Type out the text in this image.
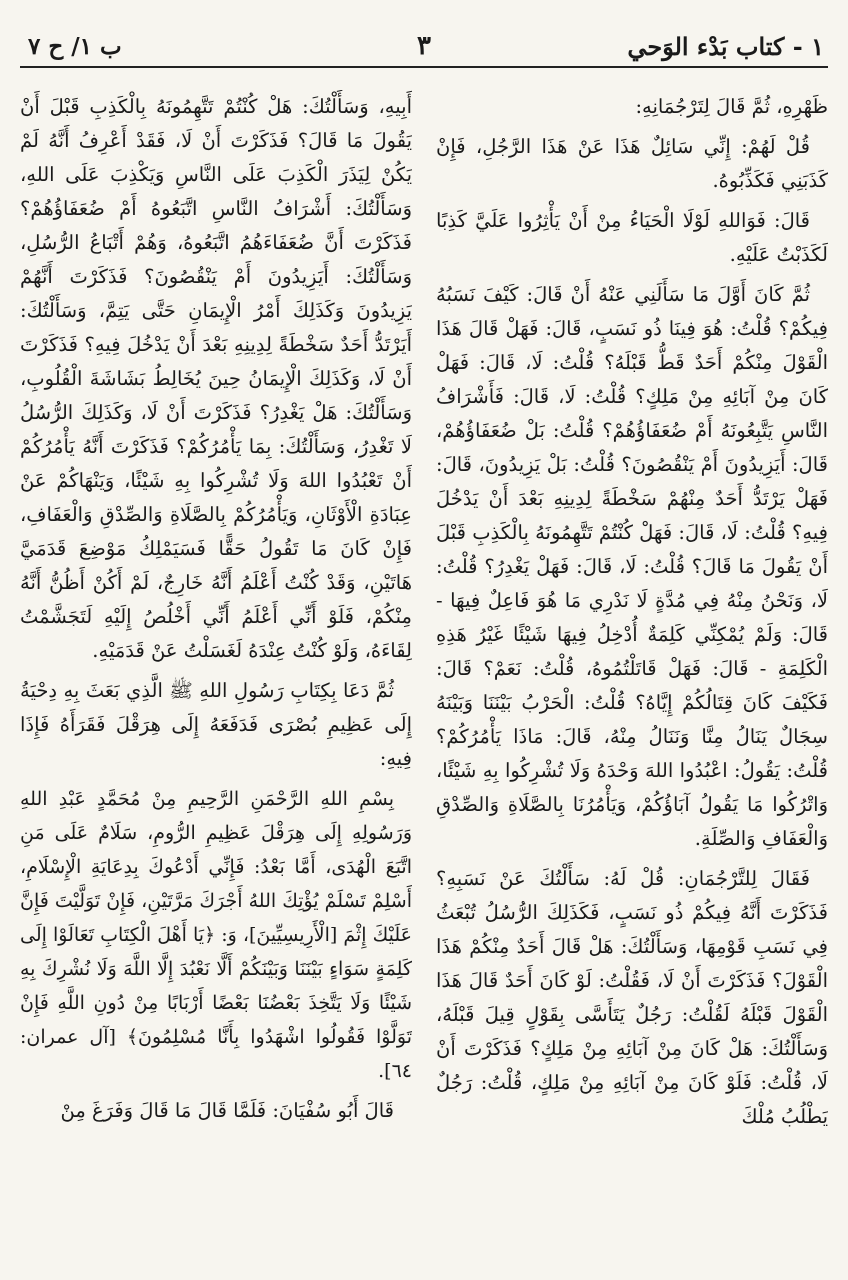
ب ١/ ح ٧	٣	١ - كتاب بَدْء الوَحي

ظَهْرِهِ، ثُمَّ قَالَ لِتَرْجُمَانِهِ:

قُلْ لَهُمْ: إِنِّي سَائِلٌ هَذَا عَنْ هَذَا الرَّجُلِ، فَإِنْ كَذَبَنِي فَكَذِّبُوهُ.

قَالَ: فَوَاللهِ لَوْلَا الْحَيَاءُ مِنْ أَنْ يَأْثِرُوا عَلَيَّ كَذِبًا لَكَذَبْتُ عَلَيْهِ.

ثُمَّ كَانَ أَوَّلَ مَا سَأَلَنِي عَنْهُ أَنْ قَالَ: كَيْفَ نَسَبُهُ فِيكُمْ؟ قُلْتُ: هُوَ فِينَا ذُو نَسَبٍ، قَالَ: فَهَلْ قَالَ هَذَا الْقَوْلَ مِنْكُمْ أَحَدٌ قَطُّ قَبْلَهُ؟ قُلْتُ: لَا، قَالَ: فَهَلْ كَانَ مِنْ آبَائِهِ مِنْ مَلِكٍ؟ قُلْتُ: لَا، قَالَ: فَأَشْرَافُ النَّاسِ يَتَّبِعُونَهُ أَمْ ضُعَفَاؤُهُمْ؟ قُلْتُ: بَلْ ضُعَفَاؤُهُمْ، قَالَ: أَيَزِيدُونَ أَمْ يَنْقُصُونَ؟ قُلْتُ: بَلْ يَزِيدُونَ، قَالَ: فَهَلْ يَرْتَدُّ أَحَدٌ مِنْهُمْ سَخْطَةً لِدِينِهِ بَعْدَ أَنْ يَدْخُلَ فِيهِ؟ قُلْتُ: لَا، قَالَ: فَهَلْ كُنْتُمْ تَتَّهِمُونَهُ بِالْكَذِبِ قَبْلَ أَنْ يَقُولَ مَا قَالَ؟ قُلْتُ: لَا، قَالَ: فَهَلْ يَغْدِرُ؟ قُلْتُ: لَا، وَنَحْنُ مِنْهُ فِي مُدَّةٍ لَا نَدْرِي مَا هُوَ فَاعِلٌ فِيهَا - قَالَ: وَلَمْ يُمْكِنِّي كَلِمَةٌ أُدْخِلُ فِيهَا شَيْئًا غَيْرُ هَذِهِ الْكَلِمَةِ - قَالَ: فَهَلْ قَاتَلْتُمُوهُ، قُلْتُ: نَعَمْ؟ قَالَ: فَكَيْفَ كَانَ قِتَالُكُمْ إِيَّاهُ؟ قُلْتُ: الْحَرْبُ بَيْنَنَا وَبَيْنَهُ سِجَالٌ يَنَالُ مِنَّا وَنَنَالُ مِنْهُ، قَالَ: مَاذَا يَأْمُرُكُمْ؟ قُلْتُ: يَقُولُ: اعْبُدُوا اللهَ وَحْدَهُ وَلَا تُشْرِكُوا بِهِ شَيْئًا، وَاتْرُكُوا مَا يَقُولُ آبَاؤُكُمْ، وَيَأْمُرُنَا بِالصَّلَاةِ وَالصِّدْقِ وَالْعَفَافِ وَالصِّلَةِ.

فَقَالَ لِلتَّرْجُمَانِ: قُلْ لَهُ: سَأَلْتُكَ عَنْ نَسَبِهِ؟ فَذَكَرْتَ أَنَّهُ فِيكُمْ ذُو نَسَبٍ، فَكَذَلِكَ الرُّسُلُ تُبْعَثُ فِي نَسَبِ قَوْمِهَا، وَسَأَلْتُكَ: هَلْ قَالَ أَحَدٌ مِنْكُمْ هَذَا الْقَوْلَ؟ فَذَكَرْتَ أَنْ لَا، فَقُلْتُ: لَوْ كَانَ أَحَدٌ قَالَ هَذَا الْقَوْلَ قَبْلَهُ لَقُلْتُ: رَجُلٌ يَتَأَسَّى بِقَوْلٍ قِيلَ قَبْلَهُ، وَسَأَلْتُكَ: هَلْ كَانَ مِنْ آبَائِهِ مِنْ مَلِكٍ؟ فَذَكَرْتَ أَنْ لَا، قُلْتُ: فَلَوْ كَانَ مِنْ آبَائِهِ مِنْ مَلِكٍ، قُلْتُ: رَجُلٌ يَطْلُبُ مُلْكَ

أَبِيهِ، وَسَأَلْتُكَ: هَلْ كُنْتُمْ تَتَّهِمُونَهُ بِالْكَذِبِ قَبْلَ أَنْ يَقُولَ مَا قَالَ؟ فَذَكَرْتَ أَنْ لَا، فَقَدْ أَعْرِفُ أَنَّهُ لَمْ يَكُنْ لِيَذَرَ الْكَذِبَ عَلَى النَّاسِ وَيَكْذِبَ عَلَى اللهِ، وَسَأَلْتُكَ: أَشْرَافُ النَّاسِ اتَّبَعُوهُ أَمْ ضُعَفَاؤُهُمْ؟ فَذَكَرْتَ أَنَّ ضُعَفَاءَهُمُ اتَّبَعُوهُ، وَهُمْ أَتْبَاعُ الرُّسُلِ، وَسَأَلْتُكَ: أَيَزِيدُونَ أَمْ يَنْقُصُونَ؟ فَذَكَرْتَ أَنَّهُمْ يَزِيدُونَ وَكَذَلِكَ أَمْرُ الْإِيمَانِ حَتَّى يَتِمَّ، وَسَأَلْتُكَ: أَيَرْتَدُّ أَحَدٌ سَخْطَةً لِدِينِهِ بَعْدَ أَنْ يَدْخُلَ فِيهِ؟ فَذَكَرْتَ أَنْ لَا، وَكَذَلِكَ الْإِيمَانُ حِينَ يُخَالِطُ بَشَاشَةَ الْقُلُوبِ، وَسَأَلْتُكَ: هَلْ يَغْدِرُ؟ فَذَكَرْتَ أَنْ لَا، وَكَذَلِكَ الرُّسُلُ لَا تَغْدِرُ، وَسَأَلْتُكَ: بِمَا يَأْمُرُكُمْ؟ فَذَكَرْتَ أَنَّهُ يَأْمُرُكُمْ أَنْ تَعْبُدُوا اللهَ وَلَا تُشْرِكُوا بِهِ شَيْئًا، وَيَنْهَاكُمْ عَنْ عِبَادَةِ الْأَوْثَانِ، وَيَأْمُرُكُمْ بِالصَّلَاةِ وَالصِّدْقِ وَالْعَفَافِ، فَإِنْ كَانَ مَا تَقُولُ حَقًّا فَسَيَمْلِكُ مَوْضِعَ قَدَمَيَّ هَاتَيْنِ، وَقَدْ كُنْتُ أَعْلَمُ أَنَّهُ خَارِجٌ، لَمْ أَكُنْ أَظُنُّ أَنَّهُ مِنْكُمْ، فَلَوْ أَنِّي أَعْلَمُ أَنِّي أَخْلُصُ إِلَيْهِ لَتَجَشَّمْتُ لِقَاءَهُ، وَلَوْ كُنْتُ عِنْدَهُ لَغَسَلْتُ عَنْ قَدَمَيْهِ.

ثُمَّ دَعَا بِكِتَابِ رَسُولِ اللهِ ﷺ الَّذِي بَعَثَ بِهِ دِحْيَةُ إِلَى عَظِيمِ بُصْرَى فَدَفَعَهُ إِلَى هِرَقْلَ فَقَرَأَهُ فَإِذَا فِيهِ:

بِسْمِ اللهِ الرَّحْمَنِ الرَّحِيمِ مِنْ مُحَمَّدٍ عَبْدِ اللهِ وَرَسُولِهِ إِلَى هِرَقْلَ عَظِيمِ الرُّومِ، سَلَامٌ عَلَى مَنِ اتَّبَعَ الْهُدَى، أَمَّا بَعْدُ: فَإِنِّي أَدْعُوكَ بِدِعَايَةِ الْإِسْلَامِ، أَسْلِمْ تَسْلَمْ يُؤْتِكَ اللهُ أَجْرَكَ مَرَّتَيْنِ، فَإِنْ تَوَلَّيْتَ فَإِنَّ عَلَيْكَ إِثْمَ [الْأَرِيسِيِّينَ]، وَ: ﴿يَا أَهْلَ الْكِتَابِ تَعَالَوْا إِلَى كَلِمَةٍ سَوَاءٍ بَيْنَنَا وَبَيْنَكُمْ أَلَّا نَعْبُدَ إِلَّا اللَّهَ وَلَا نُشْرِكَ بِهِ شَيْئًا وَلَا يَتَّخِذَ بَعْضُنَا بَعْضًا أَرْبَابًا مِنْ دُونِ اللَّهِ فَإِنْ تَوَلَّوْا فَقُولُوا اشْهَدُوا بِأَنَّا مُسْلِمُونَ﴾ [آل عمران: ٦٤].

قَالَ أَبُو سُفْيَانَ: فَلَمَّا قَالَ مَا قَالَ وَفَرَغَ مِنْ
